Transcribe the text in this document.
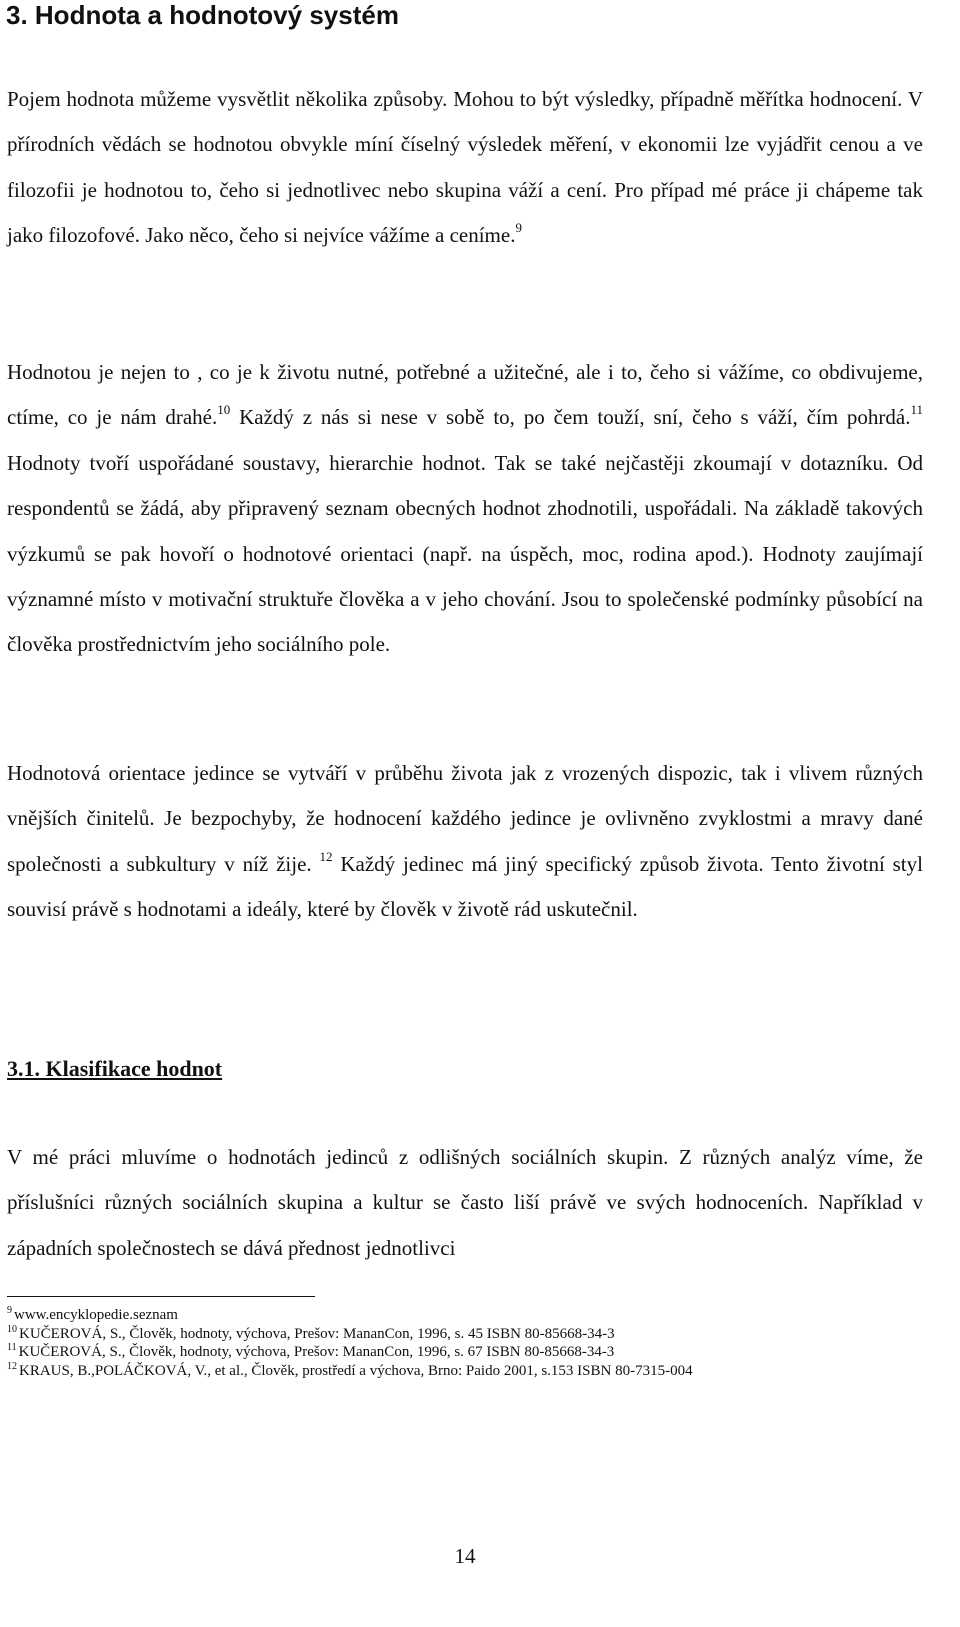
3. Hodnota a hodnotový systém

Pojem hodnota můžeme vysvětlit několika způsoby. Mohou to být výsledky, případně měřítka hodnocení. V přírodních vědách se hodnotou obvykle míní číselný výsledek měření, v ekonomii lze vyjádřit cenou a ve filozofii je hodnotou to, čeho si jednotlivec nebo skupina váží a cení. Pro případ mé práce ji chápeme tak jako filozofové. Jako něco, čeho si nejvíce vážíme a ceníme.$^9$

Hodnotou je nejen to , co je k životu nutné, potřebné a užitečné, ale i to, čeho si vážíme, co obdivujeme, ctíme, co je nám drahé.$^{10}$ Každý z nás si nese v sobě to, po čem touží, sní, čeho s váží, čím pohrdá.$^{11}$ Hodnoty tvoří uspořádané soustavy, hierarchie hodnot. Tak se také nejčastěji zkoumají v dotazníku. Od respondentů se žádá, aby připravený seznam obecných hodnot zhodnotili, uspořádali. Na základě takových výzkumů se pak hovoří o hodnotové orientaci (např. na úspěch, moc, rodina apod.). Hodnoty zaujímají významné místo v motivační struktuře člověka a v jeho chování. Jsou to společenské podmínky působící na člověka prostřednictvím jeho sociálního pole.

Hodnotová orientace jedince se vytváří v průběhu života jak z vrozených dispozic, tak i vlivem různých vnějších činitelů. Je bezpochyby, že hodnocení každého jedince je ovlivněno zvyklostmi a mravy dané společnosti a subkultury v níž žije. $^{12}$ Každý jedinec má jiný specifický způsob života. Tento životní styl souvisí právě s hodnotami a ideály, které by člověk v životě rád uskutečnil.

3.1. Klasifikace hodnot

V mé práci mluvíme o hodnotách jedinců z odlišných sociálních skupin. Z různých analýz víme, že příslušníci různých sociálních skupina a kultur se často liší právě ve svých hodnoceních. Například v západních společnostech se dává přednost jednotlivci

$^9$ www.encyklopedie.seznam
$^{10}$ KUČEROVÁ, S., Člověk, hodnoty, výchova, Prešov: MananCon, 1996, s. 45 ISBN 80-85668-34-3
$^{11}$ KUČEROVÁ, S., Člověk, hodnoty, výchova, Prešov: MananCon, 1996, s. 67 ISBN 80-85668-34-3
$^{12}$ KRAUS, B.,POLÁČKOVÁ, V., et al., Člověk, prostředí a výchova, Brno: Paido 2001, s.153 ISBN 80-7315-004
14
